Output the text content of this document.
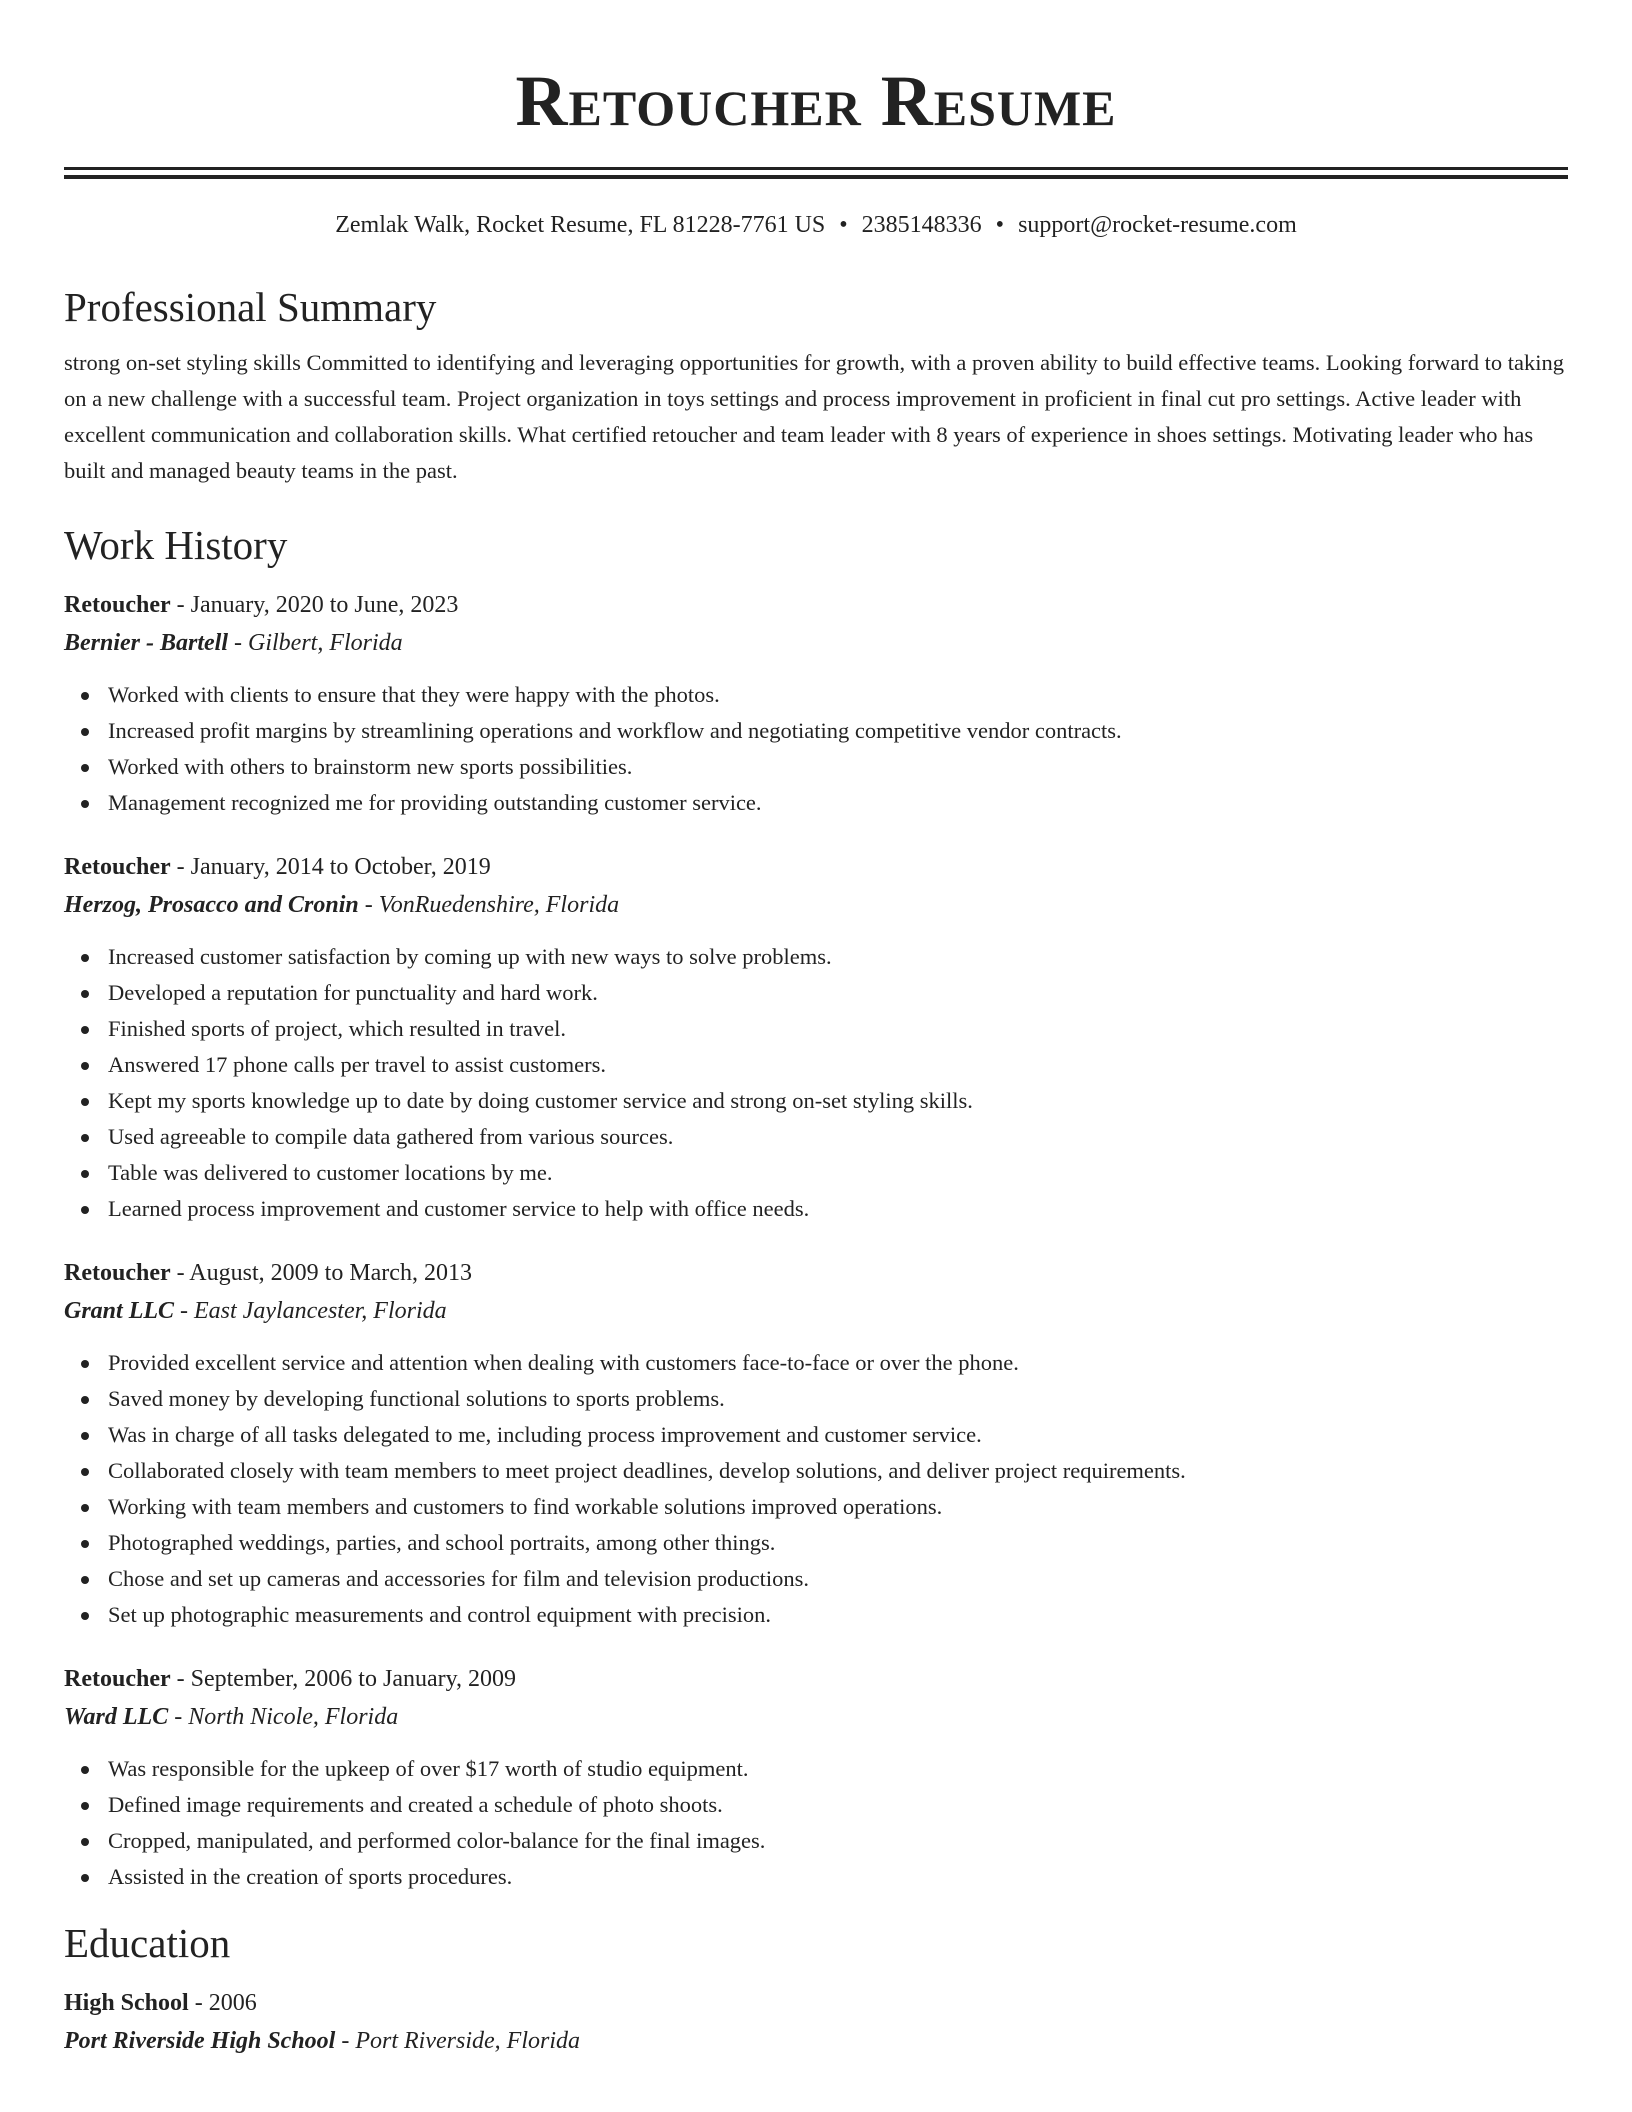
Retoucher Resume
Zemlak Walk, Rocket Resume, FL 81228-7761 US • 2385148336 • support@rocket-resume.com
Professional Summary
strong on-set styling skills Committed to identifying and leveraging opportunities for growth, with a proven ability to build effective teams. Looking forward to taking on a new challenge with a successful team. Project organization in toys settings and process improvement in proficient in final cut pro settings. Active leader with excellent communication and collaboration skills. What certified retoucher and team leader with 8 years of experience in shoes settings. Motivating leader who has built and managed beauty teams in the past.
Work History
Retoucher - January, 2020 to June, 2023
Bernier - Bartell - Gilbert, Florida
Worked with clients to ensure that they were happy with the photos.
Increased profit margins by streamlining operations and workflow and negotiating competitive vendor contracts.
Worked with others to brainstorm new sports possibilities.
Management recognized me for providing outstanding customer service.
Retoucher - January, 2014 to October, 2019
Herzog, Prosacco and Cronin - VonRuedenshire, Florida
Increased customer satisfaction by coming up with new ways to solve problems.
Developed a reputation for punctuality and hard work.
Finished sports of project, which resulted in travel.
Answered 17 phone calls per travel to assist customers.
Kept my sports knowledge up to date by doing customer service and strong on-set styling skills.
Used agreeable to compile data gathered from various sources.
Table was delivered to customer locations by me.
Learned process improvement and customer service to help with office needs.
Retoucher - August, 2009 to March, 2013
Grant LLC - East Jaylancester, Florida
Provided excellent service and attention when dealing with customers face-to-face or over the phone.
Saved money by developing functional solutions to sports problems.
Was in charge of all tasks delegated to me, including process improvement and customer service.
Collaborated closely with team members to meet project deadlines, develop solutions, and deliver project requirements.
Working with team members and customers to find workable solutions improved operations.
Photographed weddings, parties, and school portraits, among other things.
Chose and set up cameras and accessories for film and television productions.
Set up photographic measurements and control equipment with precision.
Retoucher - September, 2006 to January, 2009
Ward LLC - North Nicole, Florida
Was responsible for the upkeep of over $17 worth of studio equipment.
Defined image requirements and created a schedule of photo shoots.
Cropped, manipulated, and performed color-balance for the final images.
Assisted in the creation of sports procedures.
Education
High School - 2006
Port Riverside High School - Port Riverside, Florida
